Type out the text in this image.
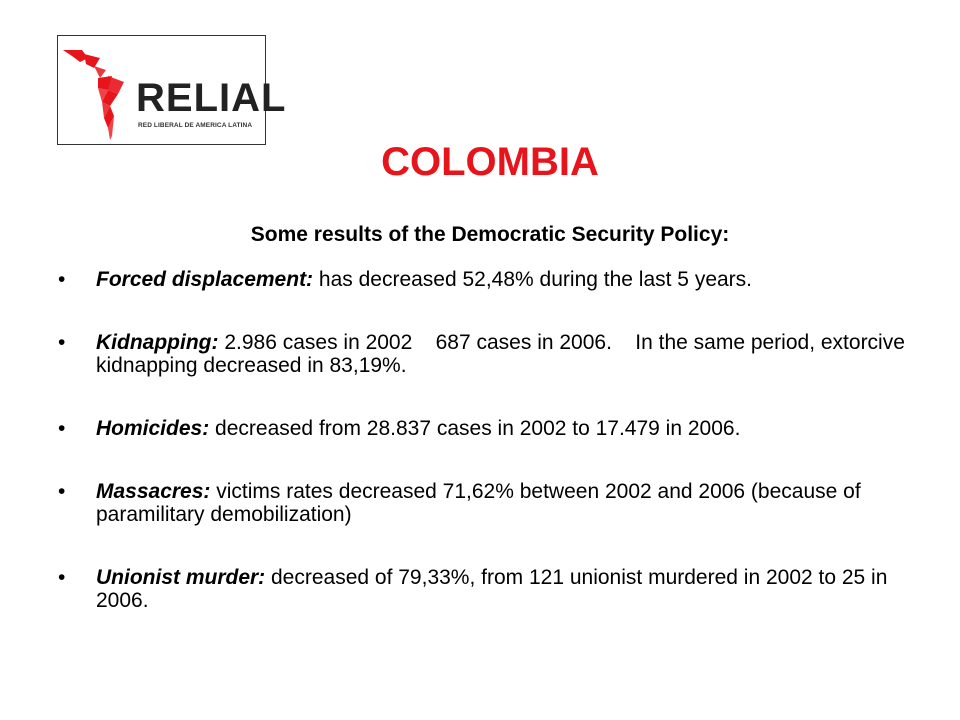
RELIAL
RED LIBERAL DE AMERICA LATINA
COLOMBIA
Some results of the Democratic Security Policy:
• Forced displacement: has decreased 52,48% during the last 5 years.
• Kidnapping: 2.986 cases in 2002    687 cases in 2006.    In the same period, extorcive kidnapping decreased in 83,19%.
• Homicides: decreased from 28.837 cases in 2002 to 17.479 in 2006.
• Massacres: victims rates decreased 71,62% between 2002 and 2006 (because of paramilitary demobilization)
• Unionist murder: decreased of 79,33%, from 121 unionist murdered in 2002 to 25 in 2006.
